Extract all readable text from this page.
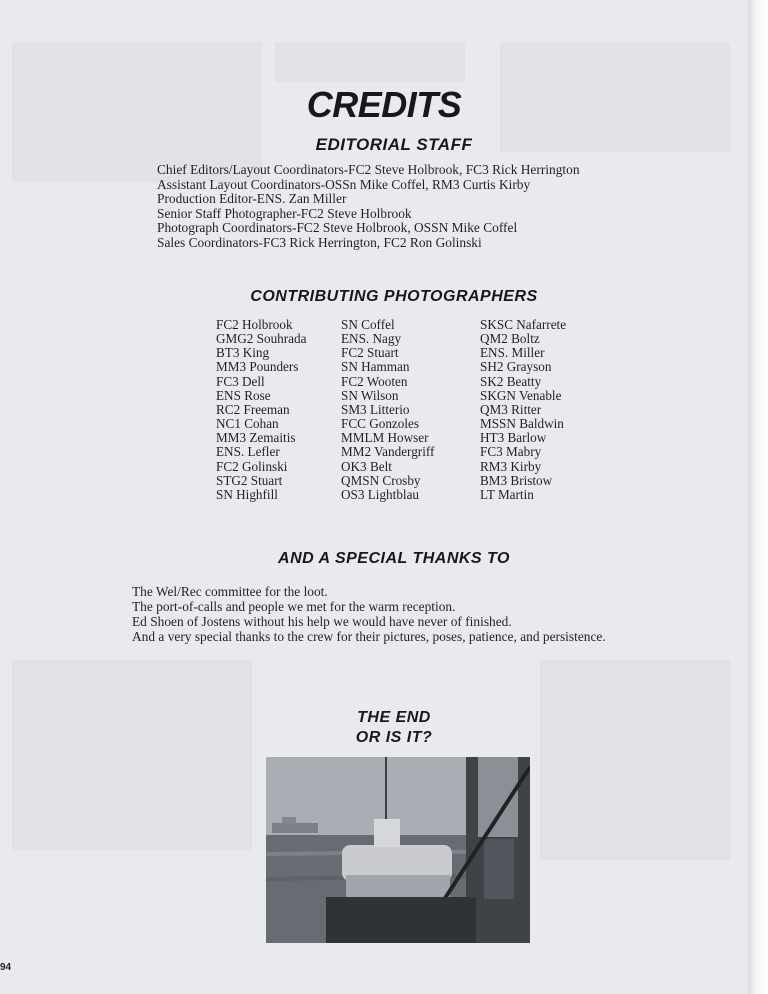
CREDITS
EDITORIAL STAFF
Chief Editors/Layout Coordinators-FC2 Steve Holbrook, FC3 Rick Herrington
Assistant Layout Coordinators-OSSn Mike Coffel, RM3 Curtis Kirby
Production Editor-ENS. Zan Miller
Senior Staff Photographer-FC2 Steve Holbrook
Photograph Coordinators-FC2 Steve Holbrook, OSSN Mike Coffel
Sales Coordinators-FC3 Rick Herrington, FC2 Ron Golinski
CONTRIBUTING PHOTOGRAPHERS
FC2 Holbrook
GMG2 Souhrada
BT3 King
MM3 Pounders
FC3 Dell
ENS Rose
RC2 Freeman
NC1 Cohan
MM3 Zemaitis
ENS. Lefler
FC2 Golinski
STG2 Stuart
SN Highfill
SN Coffel
ENS. Nagy
FC2 Stuart
SN Hamman
FC2 Wooten
SN Wilson
SM3 Litterio
FCC Gonzoles
MMLM Howser
MM2 Vandergriff
OK3 Belt
QMSN Crosby
OS3 Lightblau
SKSC Nafarrete
QM2 Boltz
ENS. Miller
SH2 Grayson
SK2 Beatty
SKGN Venable
QM3 Ritter
MSSN Baldwin
HT3 Barlow
FC3 Mabry
RM3 Kirby
BM3 Bristow
LT Martin
AND A SPECIAL THANKS TO
The Wel/Rec committee for the loot.
The port-of-calls and people we met for the warm reception.
Ed Shoen of Jostens without his help we would have never of finished.
And a very special thanks to the crew for their pictures, poses, patience, and persistence.
THE END
OR IS IT?
94
